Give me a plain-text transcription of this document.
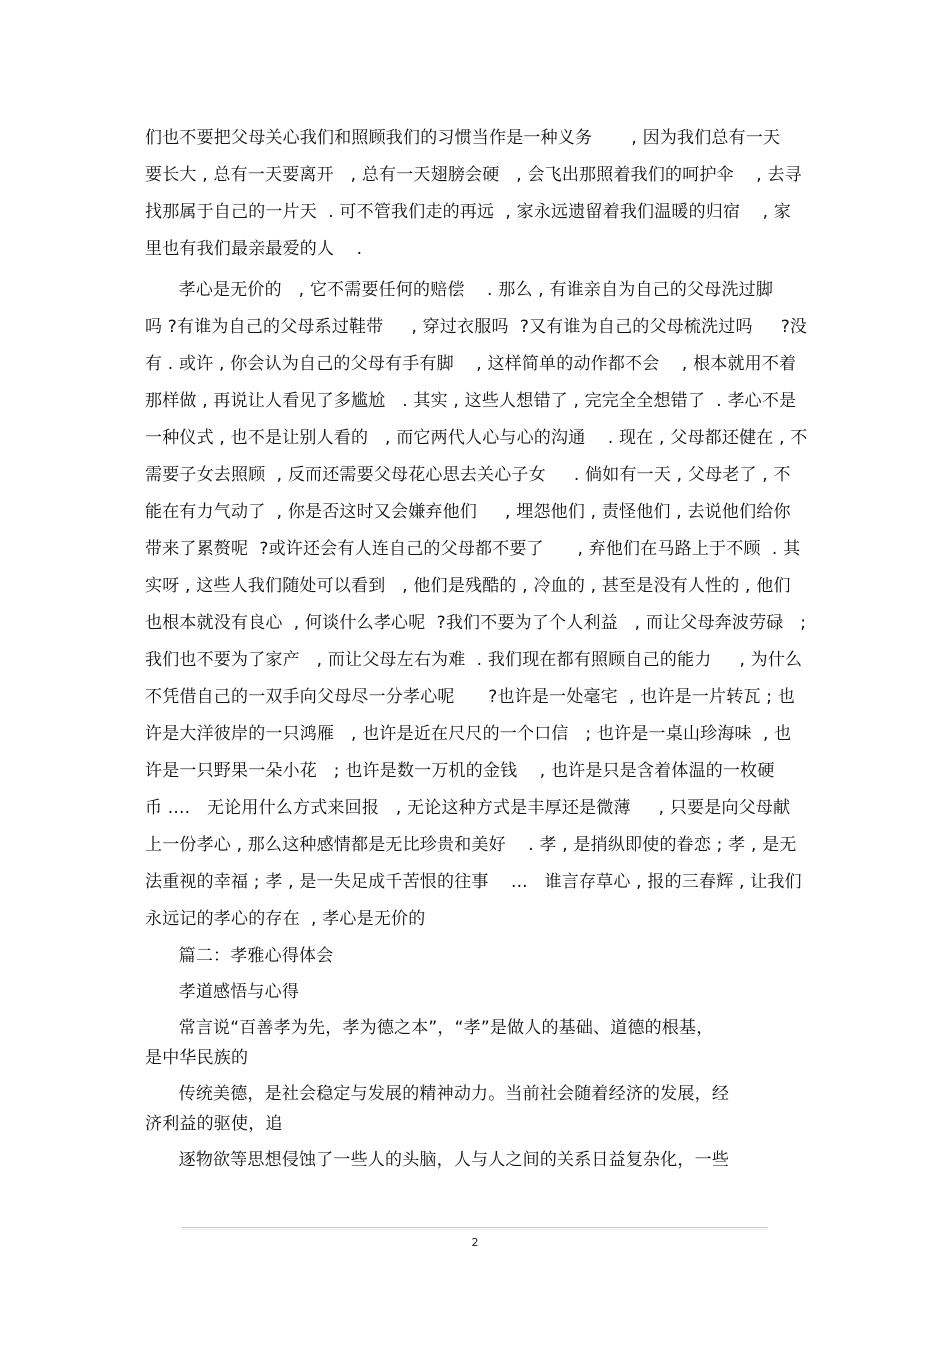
们也不要把父母关心我们和照顾我们的习惯当作是一种义务       , 因为我们总有一天
要长大 , 总有一天要离开   , 总有一天翅膀会硬   , 会飞出那照着我们的呵护伞    , 去寻
找那属于自己的一片天  . 可不管我们走的再远  , 家永远遗留着我们温暖的归宿    , 家
里也有我们最亲最爱的人    .
孝心是无价的   , 它不需要任何的赔偿    . 那么 , 有谁亲自为自己的父母洗过脚
吗 ?有谁为自己的父母系过鞋带     , 穿过衣服吗  ?又有谁为自己的父母梳洗过吗     ?没
有 . 或许 , 你会认为自己的父母有手有脚    , 这样简单的动作都不会    , 根本就用不着
那样做 , 再说让人看见了多尴尬   . 其实 , 这些人想错了 , 完完全全想错了  . 孝心不是
一种仪式 , 也不是让别人看的   , 而它两代人心与心的沟通    . 现在 , 父母都还健在 , 不
需要子女去照顾  , 反而还需要父母花心思去关心子女     . 倘如有一天 , 父母老了 , 不
能在有力气动了  , 你是否这时又会嫌弃他们     , 埋怨他们 , 责怪他们 , 去说他们给你
带来了累赘呢  ?或许还会有人连自己的父母都不要了      , 弃他们在马路上于不顾  . 其
实呀 , 这些人我们随处可以看到   , 他们是残酷的 , 冷血的 , 甚至是没有人性的 , 他们
也根本就没有良心  , 何谈什么孝心呢  ?我们不要为了个人利益   , 而让父母奔波劳碌   ;
我们也不要为了家产   , 而让父母左右为难  . 我们现在都有照顾自己的能力     , 为什么
不凭借自己的一双手向父母尽一分孝心呢      ?也许是一处毫宅  , 也许是一片转瓦 ; 也
许是大洋彼岸的一只鸿雁   , 也许是近在尺尺的一个口信   ; 也许是一桌山珍海味  , 也
许是一只野果一朵小花   ; 也许是数一万机的金钱    , 也许是只是含着体温的一枚硬
币 ....   无论用什么方式来回报   , 无论这种方式是丰厚还是微薄     , 只要是向父母献
上一份孝心 , 那么这种感情都是无比珍贵和美好    . 孝 , 是捎纵即使的眷恋 ; 孝 , 是无
法重视的幸福 ; 孝 , 是一失足成千苦恨的往事    ...   谁言存草心 , 报的三春辉 , 让我们
永远记的孝心的存在  , 孝心是无价的
篇二：孝雅心得体会
孝道感悟与心得
常言说“百善孝为先，孝为德之本”，“孝”是做人的基础、道德的根基，
是中华民族的
传统美德，是社会稳定与发展的精神动力。当前社会随着经济的发展，经
济利益的驱使，追
逐物欲等思想侵蚀了一些人的头脑，人与人之间的关系日益复杂化，一些
2
